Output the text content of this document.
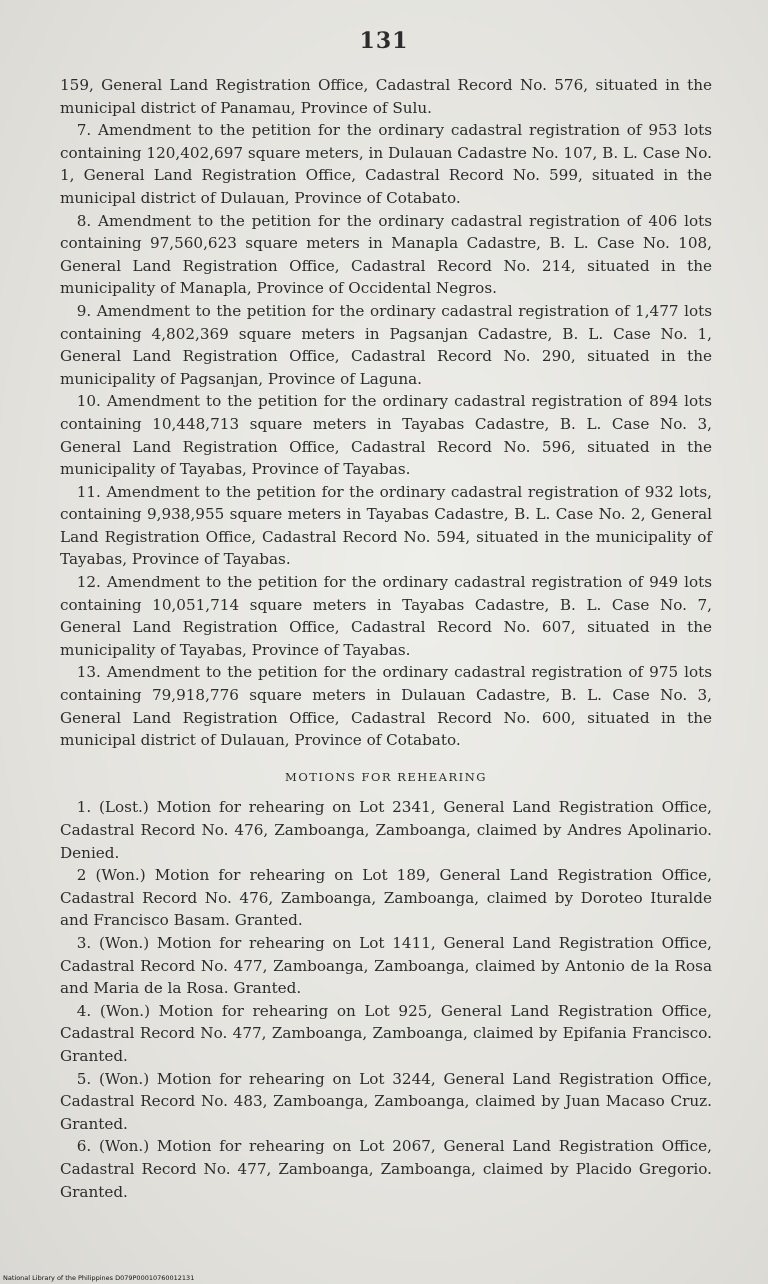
131

159, General Land Registration Office, Cadastral Record No. 576, situated in the municipal district of Panamau, Province of Sulu.

7. Amendment to the petition for the ordinary cadastral registration of 953 lots containing 120,402,697 square meters, in Dulauan Cadastre No. 107, B. L. Case No. 1, General Land Registration Office, Cadastral Record No. 599, situated in the municipal district of Dulauan, Province of Cotabato.

8. Amendment to the petition for the ordinary cadastral registration of 406 lots containing 97,560,623 square meters in Manapla Cadastre, B. L. Case No. 108, General Land Registration Office, Cadastral Record No. 214, situated in the municipality of Manapla, Province of Occidental Negros.

9. Amendment to the petition for the ordinary cadastral registration of 1,477 lots containing 4,802,369 square meters in Pagsanjan Cadastre, B. L. Case No. 1, General Land Registration Office, Cadastral Record No. 290, situated in the municipality of Pagsanjan, Province of Laguna.

10. Amendment to the petition for the ordinary cadastral registration of 894 lots containing 10,448,713 square meters in Tayabas Cadastre, B. L. Case No. 3, General Land Registration Office, Cadastral Record No. 596, situated in the municipality of Tayabas, Province of Tayabas.

11. Amendment to the petition for the ordinary cadastral registration of 932 lots, containing 9,938,955 square meters in Tayabas Cadastre, B. L. Case No. 2, General Land Registration Office, Cadastral Record No. 594, situated in the municipality of Tayabas, Province of Tayabas.

12. Amendment to the petition for the ordinary cadastral registration of 949 lots containing 10,051,714 square meters in Tayabas Cadastre, B. L. Case No. 7, General Land Registration Office, Cadastral Record No. 607, situated in the municipality of Tayabas, Province of Tayabas.

13. Amendment to the petition for the ordinary cadastral registration of 975 lots containing 79,918,776 square meters in Dulauan Cadastre, B. L. Case No. 3, General Land Registration Office, Cadastral Record No. 600, situated in the municipal district of Dulauan, Province of Cotabato.

MOTIONS FOR REHEARING

1. (Lost.) Motion for rehearing on Lot 2341, General Land Registration Office, Cadastral Record No. 476, Zamboanga, Zamboanga, claimed by Andres Apolinario. Denied.

2 (Won.) Motion for rehearing on Lot 189, General Land Registration Office, Cadastral Record No. 476, Zamboanga, Zamboanga, claimed by Doroteo Ituralde and Francisco Basam. Granted.

3. (Won.) Motion for rehearing on Lot 1411, General Land Registration Office, Cadastral Record No. 477, Zamboanga, Zamboanga, claimed by Antonio de la Rosa and Maria de la Rosa. Granted.

4. (Won.) Motion for rehearing on Lot 925, General Land Registration Office, Cadastral Record No. 477, Zamboanga, Zamboanga, claimed by Epifania Francisco. Granted.

5. (Won.) Motion for rehearing on Lot 3244, General Land Registration Office, Cadastral Record No. 483, Zamboanga, Zamboanga, claimed by Juan Macaso Cruz. Granted.

6. (Won.) Motion for rehearing on Lot 2067, General Land Registration Office, Cadastral Record No. 477, Zamboanga, Zamboanga, claimed by Placido Gregorio. Granted.

National Library of the Philippines D079P00010760012131
